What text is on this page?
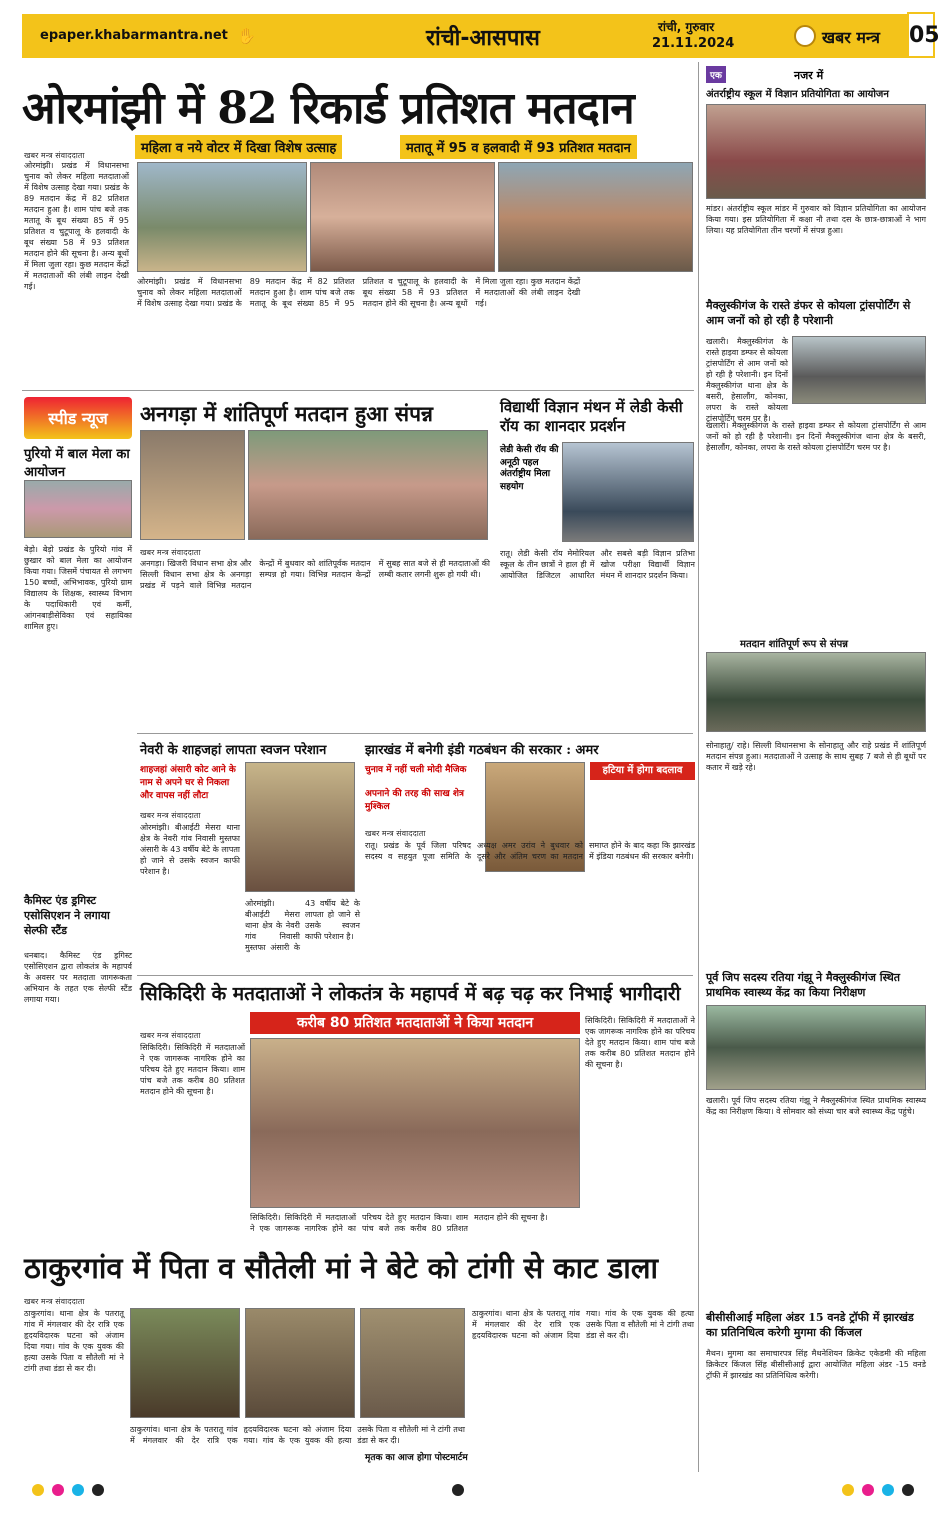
epaper.khabarmantra.net ✋	रांची-आसपास	रांची, गुरुवार
21.11.2024	खबर मन्त्र 05
ओरमांझी में 82 रिकार्ड प्रतिशत मतदान
महिला व नये वोटर में दिखा विशेष उत्साह	मतातू में 95 व हलवादी में 93 प्रतिशत मतदान
खबर मन्त्र संवाददाता
ओरमांझी। प्रखंड में विधानसभा चुनाव को लेकर महिला मतदाताओं में विशेष उत्साह देखा गया। प्रखंड के 89 मतदान केंद्र में 82 प्रतिशत मतदान हुआ है। शाम पांच बजे तक मतातू के बूथ संख्या 85 में 95 प्रतिशत व चुटूपालू के हलवादी के बूथ संख्या 58 में 93 प्रतिशत मतदान होने की सूचना है। अन्य बूथों में मिला जुला रहा। कुछ मतदान केंद्रों में मतदाताओं की लंबी लाइन देखी गई।
ओरमांझी। प्रखंड में विधानसभा चुनाव को लेकर महिला मतदाताओं में विशेष उत्साह देखा गया। प्रखंड के 89 मतदान केंद्र में 82 प्रतिशत मतदान हुआ है। शाम पांच बजे तक मतातू के बूथ संख्या 85 में 95 प्रतिशत व चुटूपालू के हलवादी के बूथ संख्या 58 में 93 प्रतिशत मतदान होने की सूचना है। अन्य बूथों में मिला जुला रहा। कुछ मतदान केंद्रों में मतदाताओं की लंबी लाइन देखी गई।
स्पीड न्यूज
पुरियो में बाल मेला का आयोजन
बेड़ो। बेड़ो प्रखंड के पुरियो गांव में छुखार को बाल मेला का आयोजन किया गया। जिसमें पंचायत से लगभग 150 बच्चों, अभिभावक, पुरियो ग्राम विद्यालय के शिक्षक, स्वास्थ्य विभाग के पदाधिकारी एवं कर्मी, आंगनबाड़ीसेविका एवं सहायिका शामिल हुए।
कैमिस्ट एंड ड्रगिस्ट एसोसिएशन ने लगाया सेल्फी स्टैंड
धनबाद। कैमिस्ट एंड ड्रगिस्ट एसोसिएशन द्वारा लोकतंत्र के महापर्व के अवसर पर मतदाता जागरूकता अभियान के तहत एक सेल्फी स्टैंड लगाया गया।
अनगड़ा में शांतिपूर्ण मतदान हुआ संपन्न
खबर मन्त्र संवाददाता
अनगड़ा। खिजरी विधान सभा क्षेत्र और सिल्ली विधान सभा क्षेत्र के अनगड़ा प्रखंड में पड़ने वाले विभिन्न मतदान केन्द्रों में बुधवार को शांतिपूर्वक मतदान सम्पन्न हो गया। विभिन्न मतदान केन्द्रों में सुबह सात बजे से ही मतदाताओं की लम्बी कतार लगनी शुरू हो गयी थी।
विद्यार्थी विज्ञान मंथन में लेडी केसी रॉय का शानदार प्रदर्शन
लेडी केसी रॉय की अनूठी पहल
अंतर्राष्ट्रीय मिला सहयोग
रातू। लेडी केसी रॉय मेमोरियल स्कूल के तीन छात्रों ने हाल ही में आयोजित डिजिटल आधारित और सबसे बड़ी विज्ञान प्रतिभा खोज परीक्षा विद्यार्थी विज्ञान मंथन में शानदार प्रदर्शन किया।
नेवरी के शाहजहां लापता स्वजन परेशान
शाहजहां अंसारी कोट आने के नाम से अपने घर से निकला और वापस नहीं लौटा
खबर मन्त्र संवाददाता
ओरमांझी। बीआईटी मेसरा थाना क्षेत्र के नेवरी गांव निवासी मुस्तफा अंसारी के 43 वर्षीय बेटे के लापता हो जाने से उसके स्वजन काफी परेशान है।
ओरमांझी। बीआईटी मेसरा थाना क्षेत्र के नेवरी गांव निवासी मुस्तफा अंसारी के 43 वर्षीय बेटे के लापता हो जाने से उसके स्वजन काफी परेशान है।
झारखंड में बनेगी इंडी गठबंधन की सरकार : अमर
चुनाव में नहीं चली मोदी मैजिक
अपनाने की तरह की साख शेत्र मुश्किल
हटिया में होगा बदलाव
खबर मन्त्र संवाददाता
रातू। प्रखंड के पूर्व जिला परिषद सदस्य व सहयुत पूजा समिति के अध्यक्ष अमर उरांव ने बुधवार को दूसरे और अंतिम चरण का मतदान समाप्त होने के बाद कहा कि झारखंड में इंडिया गठबंधन की सरकार बनेगी।
सिकिदिरी के मतदाताओं ने लोकतंत्र के महापर्व में बढ़ चढ़ कर निभाई भागीदारी
करीब 80 प्रतिशत मतदाताओं ने किया मतदान
खबर मन्त्र संवाददाता
सिकिदिरी। सिकिदिरी में मतदाताओं ने एक जागरूक नागरिक होने का परिचय देते हुए मतदान किया। शाम पांच बजे तक करीब 80 प्रतिशत मतदान होने की सूचना है।
सिकिदिरी। सिकिदिरी में मतदाताओं ने एक जागरूक नागरिक होने का परिचय देते हुए मतदान किया। शाम पांच बजे तक करीब 80 प्रतिशत मतदान होने की सूचना है।
सिकिदिरी। सिकिदिरी में मतदाताओं ने एक जागरूक नागरिक होने का परिचय देते हुए मतदान किया। शाम पांच बजे तक करीब 80 प्रतिशत मतदान होने की सूचना है।
ठाकुरगांव में पिता व सौतेली मां ने बेटे को टांगी से काट डाला
खबर मन्त्र संवाददाता
ठाकुरगांव। थाना क्षेत्र के पतरातू गांव में मंगलवार की देर रात्रि एक हृदयविदारक घटना को अंजाम दिया गया। गांव के एक युवक की हत्या उसके पिता व सौतेली मां ने टांगी तथा डंडा से कर दी।
ठाकुरगांव। थाना क्षेत्र के पतरातू गांव में मंगलवार की देर रात्रि एक हृदयविदारक घटना को अंजाम दिया गया। गांव के एक युवक की हत्या उसके पिता व सौतेली मां ने टांगी तथा डंडा से कर दी।
मृतक का आज होगा पोस्टमार्टम
ठाकुरगांव। थाना क्षेत्र के पतरातू गांव में मंगलवार की देर रात्रि एक हृदयविदारक घटना को अंजाम दिया गया। गांव के एक युवक की हत्या उसके पिता व सौतेली मां ने टांगी तथा डंडा से कर दी।
एक	नजर में
अंतर्राष्ट्रीय स्कूल में विज्ञान प्रतियोगिता का आयोजन
मांडर। अंतर्राष्ट्रीय स्कूल मांडर में गुरुवार को विज्ञान प्रतियोगिता का आयोजन किया गया। इस प्रतियोगिता में कक्षा नौ तथा दस के छात्र-छात्राओं ने भाग लिया। यह प्रतियोगिता तीन चरणों में संपन्न हुआ।
मैक्लुस्कीगंज के रास्ते डंफर से कोयला ट्रांसपोर्टिंग से आम जनों को हो रही है परेशानी
खलारी। मैक्लुस्कीगंज के रास्ते हाइवा डम्फर से कोयला ट्रांसपोर्टिंग से आम जनों को हो रही है परेशानी। इन दिनों मैक्लुस्कीगंज थाना क्षेत्र के बसरी, हेसालौंग, कोनका, लपरा के रास्ते कोयला ट्रांसपोर्टिंग चरम पर है।
खलारी। मैक्लुस्कीगंज के रास्ते हाइवा डम्फर से कोयला ट्रांसपोर्टिंग से आम जनों को हो रही है परेशानी। इन दिनों मैक्लुस्कीगंज थाना क्षेत्र के बसरी, हेसालौंग, कोनका, लपरा के रास्ते कोयला ट्रांसपोर्टिंग चरम पर है।
मतदान शांतिपूर्ण रूप से संपन्न
सोनाहातु/ राहे। सिल्ली विधानसभा के सोनाहातु और राहे प्रखंड में शांतिपूर्ण मतदान संपन्न हुआ। मतदाताओं ने उत्साह के साथ सुबह 7 बजे से ही बूथों पर कतार में खड़े रहे।
पूर्व जिप सदस्य रतिया गंझू ने मैक्लुस्कीगंज स्थित प्राथमिक स्वास्थ्य केंद्र का किया निरीक्षण
खलारी। पूर्व जिप सदस्य रतिया गंझू ने मैक्लुस्कीगंज स्थित प्राथमिक स्वास्थ्य केंद्र का निरीक्षण किया। वे सोमवार को संध्या चार बजे स्वास्थ्य केंद्र पहुंचे।
बीसीसीआई महिला अंडर 15 वनडे ट्रॉफी में झारखंड का प्रतिनिधित्व करेगी मुगमा की किंजल
मैथन। मुगमा का समाचारपत्र सिंह मैथनेशियन क्रिकेट एकेडमी की महिला क्रिकेटर किंजल सिंह बीसीसीआई द्वारा आयोजित महिला अंडर -15 वनडे ट्रॉफी में झारखंड का प्रतिनिधित्व करेगी।
